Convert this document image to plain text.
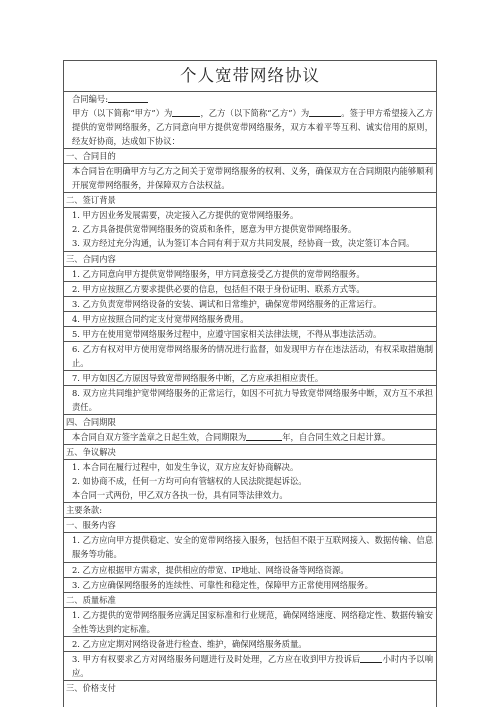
个人宽带网络协议
合同编号:
甲方（以下简称“甲方”）为	，乙方（以下简称“乙方”）为	。签于甲方希望接入乙方提供的宽带网络服务，乙方同意向甲方提供宽带网络服务，双方本着平等互利、诚实信用的原则，经友好协商，达成如下协议：
一、合同目的
本合同旨在明确甲方与乙方之间关于宽带网络服务的权利、义务，确保双方在合同期限内能够顺利开展宽带网络服务，并保障双方合法权益。
二、签订背景
1. 甲方因业务发展需要，决定接入乙方提供的宽带网络服务。
2. 乙方具备提供宽带网络服务的资质和条件，愿意为甲方提供宽带网络服务。
3. 双方经过充分沟通，认为签订本合同有利于双方共同发展，经协商一致，决定签订本合同。
三、合同内容
1. 乙方同意向甲方提供宽带网络服务，甲方同意接受乙方提供的宽带网络服务。
2. 甲方应按照乙方要求提供必要的信息，包括但不限于身份证明、联系方式等。
3. 乙方负责宽带网络设备的安装、调试和日常维护，确保宽带网络服务的正常运行。
4. 甲方应按照合同约定支付宽带网络服务费用。
5. 甲方在使用宽带网络服务过程中，应遵守国家相关法律法规，不得从事违法活动。
6. 乙方有权对甲方使用宽带网络服务的情况进行监督，如发现甲方存在违法活动，有权采取措施制止。
7. 甲方如因乙方原因导致宽带网络服务中断，乙方应承担相应责任。
8. 双方应共同维护宽带网络服务的正常运行，如因不可抗力导致宽带网络服务中断，双方互不承担责任。
四、合同期限
本合同自双方签字盖章之日起生效，合同期限为	年，自合同生效之日起计算。
五、争议解决
1. 本合同在履行过程中，如发生争议，双方应友好协商解决。
2. 如协商不成，任何一方均可向有管辖权的人民法院提起诉讼。
本合同一式两份，甲乙双方各执一份，具有同等法律效力。
主要条款:
一、服务内容
1. 乙方应向甲方提供稳定、安全的宽带网络接入服务，包括但不限于互联网接入、数据传输、信息服务等功能。
2. 乙方应根据甲方需求，提供相应的带宽、IP地址、网络设备等网络资源。
3. 乙方应确保网络服务的连续性、可靠性和稳定性，保障甲方正常使用网络服务。
二、质量标准
1. 乙方提供的宽带网络服务应满足国家标准和行业规范，确保网络速度、网络稳定性、数据传输安全性等达到约定标准。
2. 乙方应定期对网络设备进行检查、维护，确保网络服务质量。
3. 甲方有权要求乙方对网络服务问题进行及时处理，乙方应在收到甲方投诉后	小时内予以响应。
三、价格支付
